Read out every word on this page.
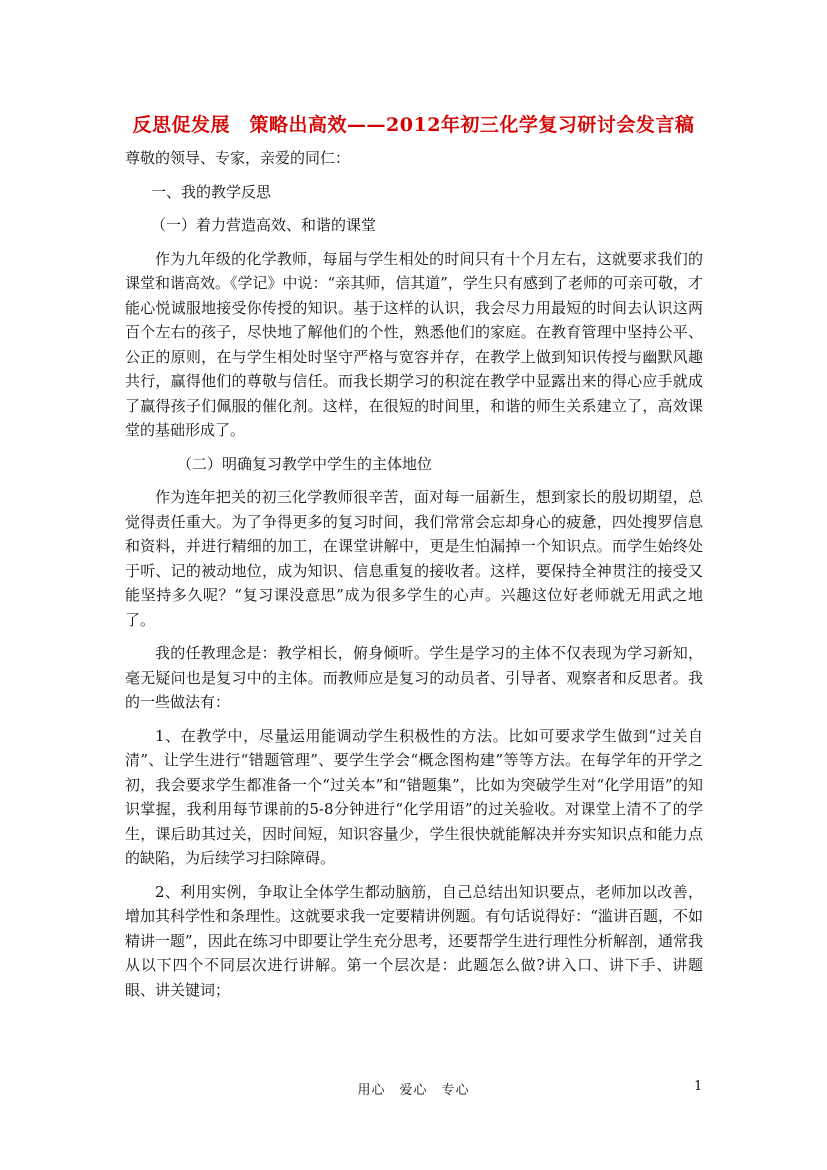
反思促发展　策略出高效——2012年初三化学复习研讨会发言稿

尊敬的领导、专家，亲爱的同仁：

一、我的教学反思

（一）着力营造高效、和谐的课堂

作为九年级的化学教师，每届与学生相处的时间只有十个月左右，这就要求我们的课堂和谐高效。《学记》中说：“亲其师，信其道”，学生只有感到了老师的可亲可敬，才能心悦诚服地接受你传授的知识。基于这样的认识，我会尽力用最短的时间去认识这两百个左右的孩子，尽快地了解他们的个性，熟悉他们的家庭。在教育管理中坚持公平、公正的原则，在与学生相处时坚守严格与宽容并存，在教学上做到知识传授与幽默风趣共行，赢得他们的尊敬与信任。而我长期学习的积淀在教学中显露出来的得心应手就成了赢得孩子们佩服的催化剂。这样，在很短的时间里，和谐的师生关系建立了，高效课堂的基础形成了。

（二）明确复习教学中学生的主体地位

作为连年把关的初三化学教师很辛苦，面对每一届新生，想到家长的殷切期望，总觉得责任重大。为了争得更多的复习时间，我们常常会忘却身心的疲惫，四处搜罗信息和资料，并进行精细的加工，在课堂讲解中，更是生怕漏掉一个知识点。而学生始终处于听、记的被动地位，成为知识、信息重复的接收者。这样，要保持全神贯注的接受又能坚持多久呢？“复习课没意思”成为很多学生的心声。兴趣这位好老师就无用武之地了。

我的任教理念是：教学相长，俯身倾听。学生是学习的主体不仅表现为学习新知，毫无疑问也是复习中的主体。而教师应是复习的动员者、引导者、观察者和反思者。我的一些做法有：

1、在教学中，尽量运用能调动学生积极性的方法。比如可要求学生做到“过关自清”、让学生进行“错题管理”、要学生学会“概念图构建”等等方法。在每学年的开学之初，我会要求学生都准备一个“过关本”和“错题集”，比如为突破学生对“化学用语”的知识掌握，我利用每节课前的5-8分钟进行“化学用语”的过关验收。对课堂上清不了的学生，课后助其过关，因时间短，知识容量少，学生很快就能解决并夯实知识点和能力点的缺陷，为后续学习扫除障碍。

2、利用实例，争取让全体学生都动脑筋，自己总结出知识要点，老师加以改善，增加其科学性和条理性。这就要求我一定要精讲例题。有句话说得好：“滥讲百题，不如精讲一题”，因此在练习中即要让学生充分思考，还要帮学生进行理性分析解剖，通常我从以下四个不同层次进行讲解。第一个层次是：此题怎么做?讲入口、讲下手、讲题眼、讲关键词；

用心　爱心　专心	1
